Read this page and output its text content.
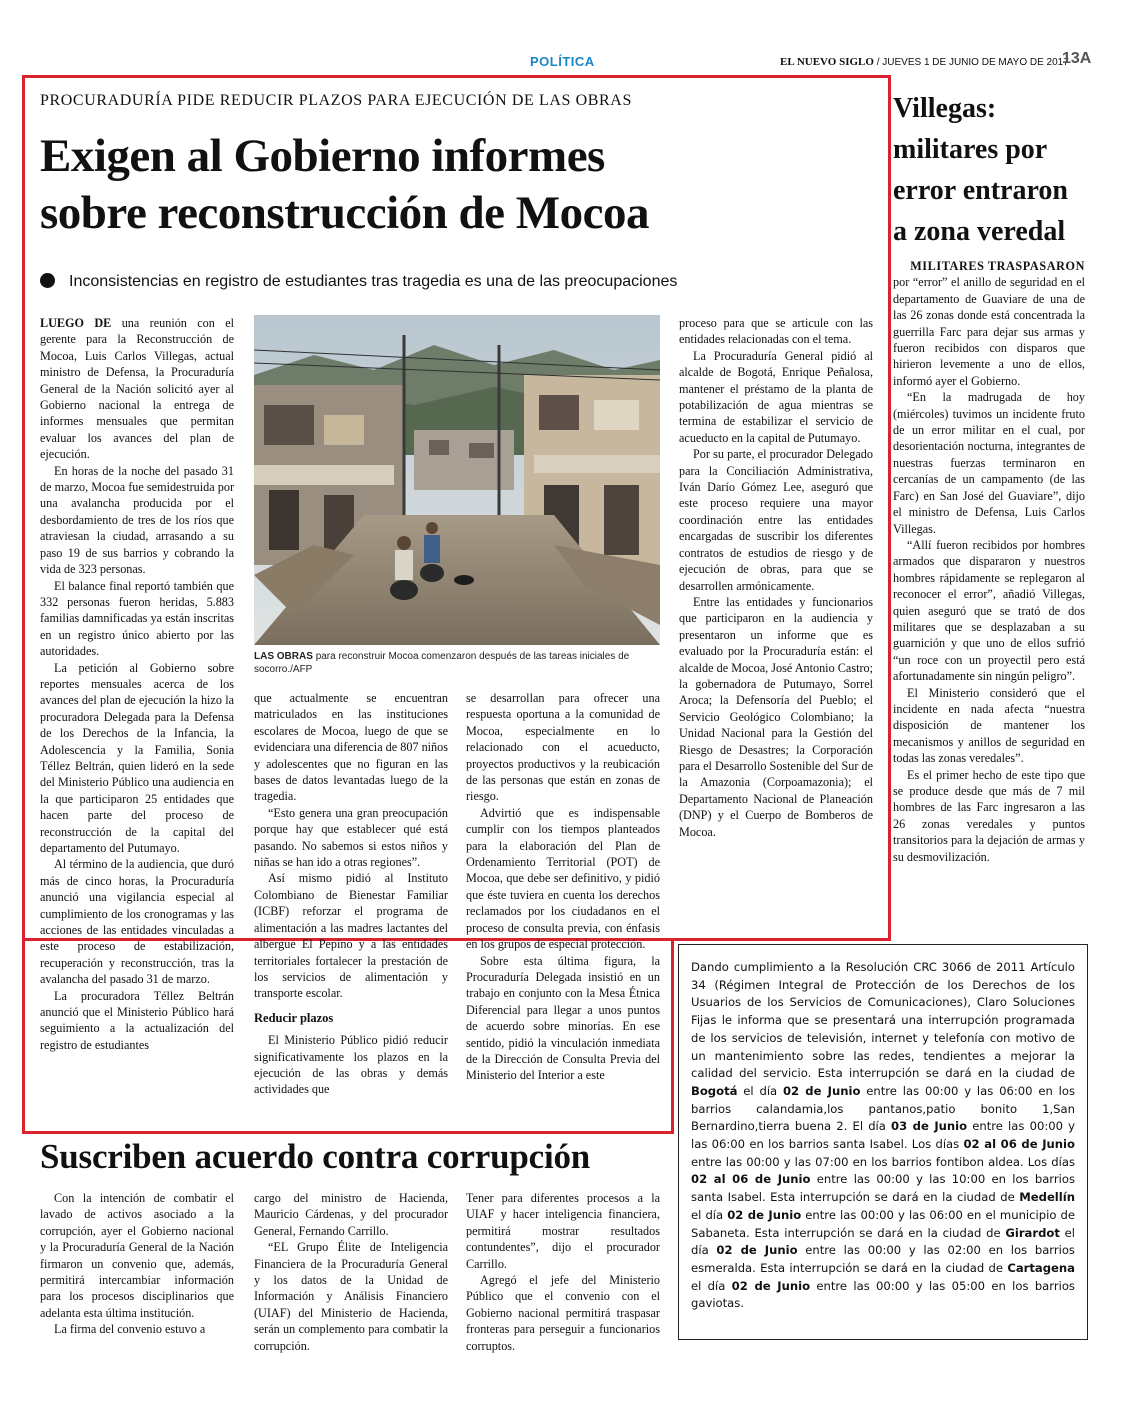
POLÍTICA	EL NUEVO SIGLO / JUEVES 1 DE JUNIO DE MAYO DE 2017
13A
PROCURADURÍA PIDE REDUCIR PLAZOS PARA EJECUCIÓN DE LAS OBRAS
Exigen al Gobierno informes
sobre reconstrucción de Mocoa
Inconsistencias en registro de estudiantes tras tragedia es una de las preocupaciones

LUEGO DE una reunión con el gerente para la Reconstrucción de Mocoa, Luis Carlos Villegas, actual ministro de Defensa, la Procuraduría General de la Nación solicitó ayer al Gobierno nacional la entrega de informes mensuales que permitan evaluar los avances del plan de ejecución.

En horas de la noche del pasado 31 de marzo, Mocoa fue semidestruida por una avalancha producida por el desbordamiento de tres de los ríos que atraviesan la ciudad, arrasando a su paso 19 de sus barrios y cobrando la vida de 323 personas.

El balance final reportó también que 332 personas fueron heridas, 5.883 familias damnificadas ya están inscritas en un registro único abierto por las autoridades.

La petición al Gobierno sobre reportes mensuales acerca de los avances del plan de ejecución la hizo la procuradora Delegada para la Defensa de los Derechos de la Infancia, la Adolescencia y la Familia, Sonia Téllez Beltrán, quien lideró en la sede del Ministerio Público una audiencia en la que participaron 25 entidades que hacen parte del proceso de reconstrucción de la capital del departamento del Putumayo.

Al término de la audiencia, que duró más de cinco horas, la Procuraduría anunció una vigilancia especial al cumplimiento de los cronogramas y las acciones de las entidades vinculadas a este proceso de estabilización, recuperación y reconstrucción, tras la avalancha del pasado 31 de marzo.

La procuradora Téllez Beltrán anunció que el Ministerio Público hará seguimiento a la actualización del registro de estudiantes

LAS OBRAS para reconstruir Mocoa comenzaron después de las tareas iniciales de socorro./AFP

que actualmente se encuentran matriculados en las instituciones escolares de Mocoa, luego de que se evidenciara una diferencia de 807 niños y adolescentes que no figuran en las bases de datos levantadas luego de la tragedia.

“Esto genera una gran preocupación porque hay que establecer qué está pasando. No sabemos si estos niños y niñas se han ido a otras regiones”.

Así mismo pidió al Instituto Colombiano de Bienestar Familiar (ICBF) reforzar el programa de alimentación a las madres lactantes del albergue El Pepino y a las entidades territoriales fortalecer la prestación de los servicios de alimentación y transporte escolar.

Reducir plazos

El Ministerio Público pidió reducir significativamente los plazos en la ejecución de las obras y demás actividades que

se desarrollan para ofrecer una respuesta oportuna a la comunidad de Mocoa, especialmente en lo relacionado con el acueducto, proyectos productivos y la reubicación de las personas que están en zonas de riesgo.

Advirtió que es indispensable cumplir con los tiempos planteados para la elaboración del Plan de Ordenamiento Territorial (POT) de Mocoa, que debe ser definitivo, y pidió que éste tuviera en cuenta los derechos reclamados por los ciudadanos en el proceso de consulta previa, con énfasis en los grupos de especial protección.

Sobre esta última figura, la Procuraduría Delegada insistió en un trabajo en conjunto con la Mesa Étnica Diferencial para llegar a unos puntos de acuerdo sobre minorías. En ese sentido, pidió la vinculación inmediata de la Dirección de Consulta Previa del Ministerio del Interior a este

proceso para que se articule con las entidades relacionadas con el tema.

La Procuraduría General pidió al alcalde de Bogotá, Enrique Peñalosa, mantener el préstamo de la planta de potabilización de agua mientras se termina de estabilizar el servicio de acueducto en la capital de Putumayo.

Por su parte, el procurador Delegado para la Conciliación Administrativa, Iván Darío Gómez Lee, aseguró que este proceso requiere una mayor coordinación entre las entidades encargadas de suscribir los diferentes contratos de estudios de riesgo y de ejecución de obras, para que se desarrollen armónicamente.

Entre las entidades y funcionarios que participaron en la audiencia y presentaron un informe que es evaluado por la Procuraduría están: el alcalde de Mocoa, José Antonio Castro; la gobernadora de Putumayo, Sorrel Aroca; la Defensoría del Pueblo; el Servicio Geológico Colombiano; la Unidad Nacional para la Gestión del Riesgo de Desastres; la Corporación para el Desarrollo Sostenible del Sur de la Amazonia (Corpoamazonia); el Departamento Nacional de Planeación (DNP) y el Cuerpo de Bomberos de Mocoa.

Villegas:
militares por
error entraron
a zona veredal

MILITARES TRASPASARON

por “error” el anillo de seguridad en el departamento de Guaviare de una de las 26 zonas donde está concentrada la guerrilla Farc para dejar sus armas y fueron recibidos con disparos que hirieron levemente a uno de ellos, informó ayer el Gobierno.

“En la madrugada de hoy (miércoles) tuvimos un incidente fruto de un error militar en el cual, por desorientación nocturna, integrantes de nuestras fuerzas terminaron en cercanías de un campamento (de las Farc) en San José del Guaviare”, dijo el ministro de Defensa, Luis Carlos Villegas.

“Allí fueron recibidos por hombres armados que dispararon y nuestros hombres rápidamente se replegaron al reconocer el error”, añadió Villegas, quien aseguró que se trató de dos militares que se desplazaban a su guarnición y que uno de ellos sufrió “un roce con un proyectil pero está afortunadamente sin ningún peligro”.

El Ministerio consideró que el incidente en nada afecta “nuestra disposición de mantener los mecanismos y anillos de seguridad en todas las zonas veredales”.

Es el primer hecho de este tipo que se produce desde que más de 7 mil hombres de las Farc ingresaron a las 26 zonas veredales y puntos transitorios para la dejación de armas y su desmovilización.

Suscriben acuerdo contra corrupción

Con la intención de combatir el lavado de activos asociado a la corrupción, ayer el Gobierno nacional y la Procuraduría General de la Nación firmaron un convenio que, además, permitirá intercambiar información para los procesos disciplinarios que adelanta esta última institución.

La firma del convenio estuvo a

cargo del ministro de Hacienda, Mauricio Cárdenas, y del procurador General, Fernando Carrillo.

“EL Grupo Élite de Inteligencia Financiera de la Procuraduría General y los datos de la Unidad de Información y Análisis Financiero (UIAF) del Ministerio de Hacienda, serán un complemento para combatir la corrupción.

Tener para diferentes procesos a la UIAF y hacer inteligencia financiera, permitirá mostrar resultados contundentes”, dijo el procurador Carrillo.

Agregó el jefe del Ministerio Público que el convenio con el Gobierno nacional permitirá traspasar fronteras para perseguir a funcionarios corruptos.

Dando cumplimiento a la Resolución CRC 3066 de 2011 Artículo 34 (Régimen Integral de Protección de los Derechos de los Usuarios de los Servicios de Comunicaciones), Claro Soluciones Fijas le informa que se presentará una interrupción programada de los servicios de televisión, internet y telefonía con motivo de un mantenimiento sobre las redes, tendientes a mejorar la calidad del servicio. Esta interrupción se dará en la ciudad de Bogotá el día 02 de Junio entre las 00:00 y las 06:00 en los barrios calandamia,los pantanos,patio bonito 1,San Bernardino,tierra buena 2. El día 03 de Junio entre las 00:00 y las 06:00 en los barrios santa Isabel. Los días 02 al 06 de Junio entre las 00:00 y las 07:00 en los barrios fontibon aldea. Los días 02 al 06 de Junio entre las 00:00 y las 10:00 en los barrios santa Isabel. Esta interrupción se dará en la ciudad de Medellín el día 02 de Junio entre las 00:00 y las 06:00 en el municipio de Sabaneta. Esta interrupción se dará en la ciudad de Girardot el día 02 de Junio entre las 00:00 y las 02:00 en los barrios esmeralda. Esta interrupción se dará en la ciudad de Cartagena el día 02 de Junio entre las 00:00 y las 05:00 en los barrios gaviotas.
